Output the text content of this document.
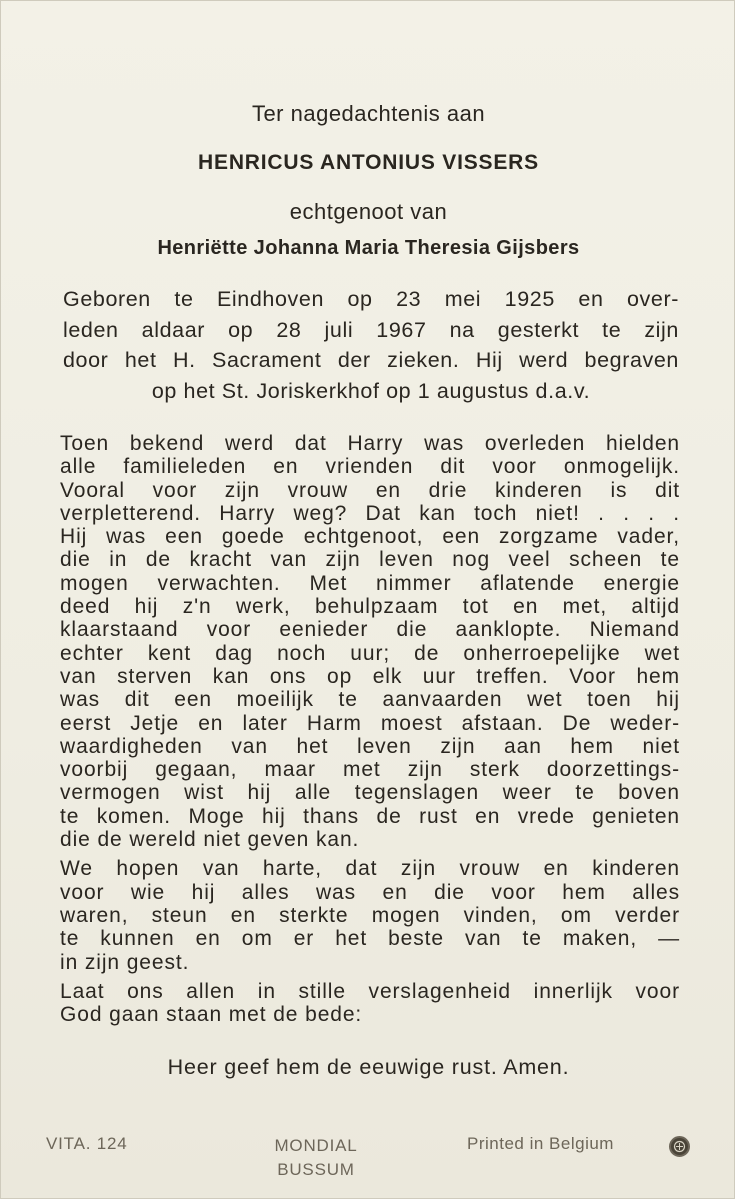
Ter nagedachtenis aan
HENRICUS ANTONIUS VISSERS
echtgenoot van
Henriëtte Johanna Maria Theresia Gijsbers
Geboren te Eindhoven op 23 mei 1925 en over-
leden aldaar op 28 juli 1967 na gesterkt te zijn
door het H. Sacrament der zieken. Hij werd begraven
op het St. Joriskerkhof op 1 augustus d.a.v.
Toen bekend werd dat Harry was overleden hielden
alle familieleden en vrienden dit voor onmogelijk.
Vooral voor zijn vrouw en drie kinderen is dit
verpletterend. Harry weg? Dat kan toch niet! . . . .
Hij was een goede echtgenoot, een zorgzame vader,
die in de kracht van zijn leven nog veel scheen te
mogen verwachten. Met nimmer aflatende energie
deed hij z'n werk, behulpzaam tot en met, altijd
klaarstaand voor eenieder die aanklopte. Niemand
echter kent dag noch uur; de onherroepelijke wet
van sterven kan ons op elk uur treffen. Voor hem
was dit een moeilijk te aanvaarden wet toen hij
eerst Jetje en later Harm moest afstaan. De weder-
waardigheden van het leven zijn aan hem niet
voorbij gegaan, maar met zijn sterk doorzettings-
vermogen wist hij alle tegenslagen weer te boven
te komen. Moge hij thans de rust en vrede genieten
die de wereld niet geven kan.
We hopen van harte, dat zijn vrouw en kinderen
voor wie hij alles was en die voor hem alles
waren, steun en sterkte mogen vinden, om verder
te kunnen en om er het beste van te maken, —
in zijn geest.
Laat ons allen in stille verslagenheid innerlijk voor
God gaan staan met de bede:
Heer geef hem de eeuwige rust. Amen.
VITA. 124	MONDIAL
BUSSUM
Printed in Belgium
